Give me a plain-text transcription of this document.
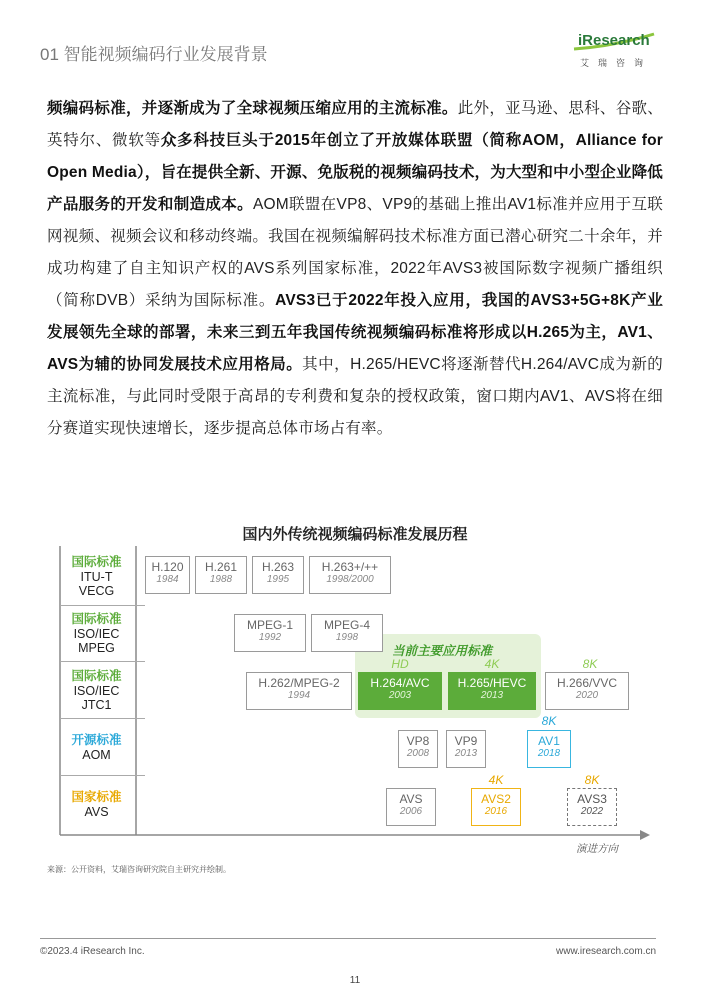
01 智能视频编码行业发展背景
iResearch
艾瑞咨询
频编码标准，并逐渐成为了全球视频压缩应用的主流标准。此外，亚马逊、思科、谷歌、英特尔、微软等众多科技巨头于2015年创立了开放媒体联盟（简称AOM，Alliance for Open Media），旨在提供全新、开源、免版税的视频编码技术，为大型和中小型企业降低产品服务的开发和制造成本。AOM联盟在VP8、VP9的基础上推出AV1标准并应用于互联网视频、视频会议和移动终端。我国在视频编解码技术标准方面已潜心研究二十余年，并成功构建了自主知识产权的AVS系列国家标准，2022年AVS3被国际数字视频广播组织（简称DVB）采纳为国际标准。AVS3已于2022年投入应用，我国的AVS3+5G+8K产业发展领先全球的部署，未来三到五年我国传统视频编码标准将形成以H.265为主，AV1、AVS为辅的协同发展技术应用格局。其中，H.265/HEVC将逐渐替代H.264/AVC成为新的主流标准，与此同时受限于高昂的专利费和复杂的授权政策，窗口期内AV1、AVS将在细分赛道实现快速增长，逐步提高总体市场占有率。
国内外传统视频编码标准发展历程
国际标准
ITU-T
VECG
国际标准
ISO/IEC
MPEG
国际标准
ISO/IEC
JTC1
开源标准
AOM
国家标准
AVS
H.120
1984
H.261
1988
H.263
1995
H.263+/++
1998/2000
MPEG-1
1992
MPEG-4
1998
当前主要应用标准
HD	4K	8K
H.262/MPEG-2
1994
H.264/AVC
2003
H.265/HEVC
2013
H.266/VVC
2020
8K
VP8
2008
VP9
2013
AV1
2018
4K	8K
AVS
2006
AVS2
2016
AVS3
2022
演进方向
来源：公开资料，艾瑞咨询研究院自主研究并绘制。
©2023.4 iResearch Inc.	www.iresearch.com.cn
11
